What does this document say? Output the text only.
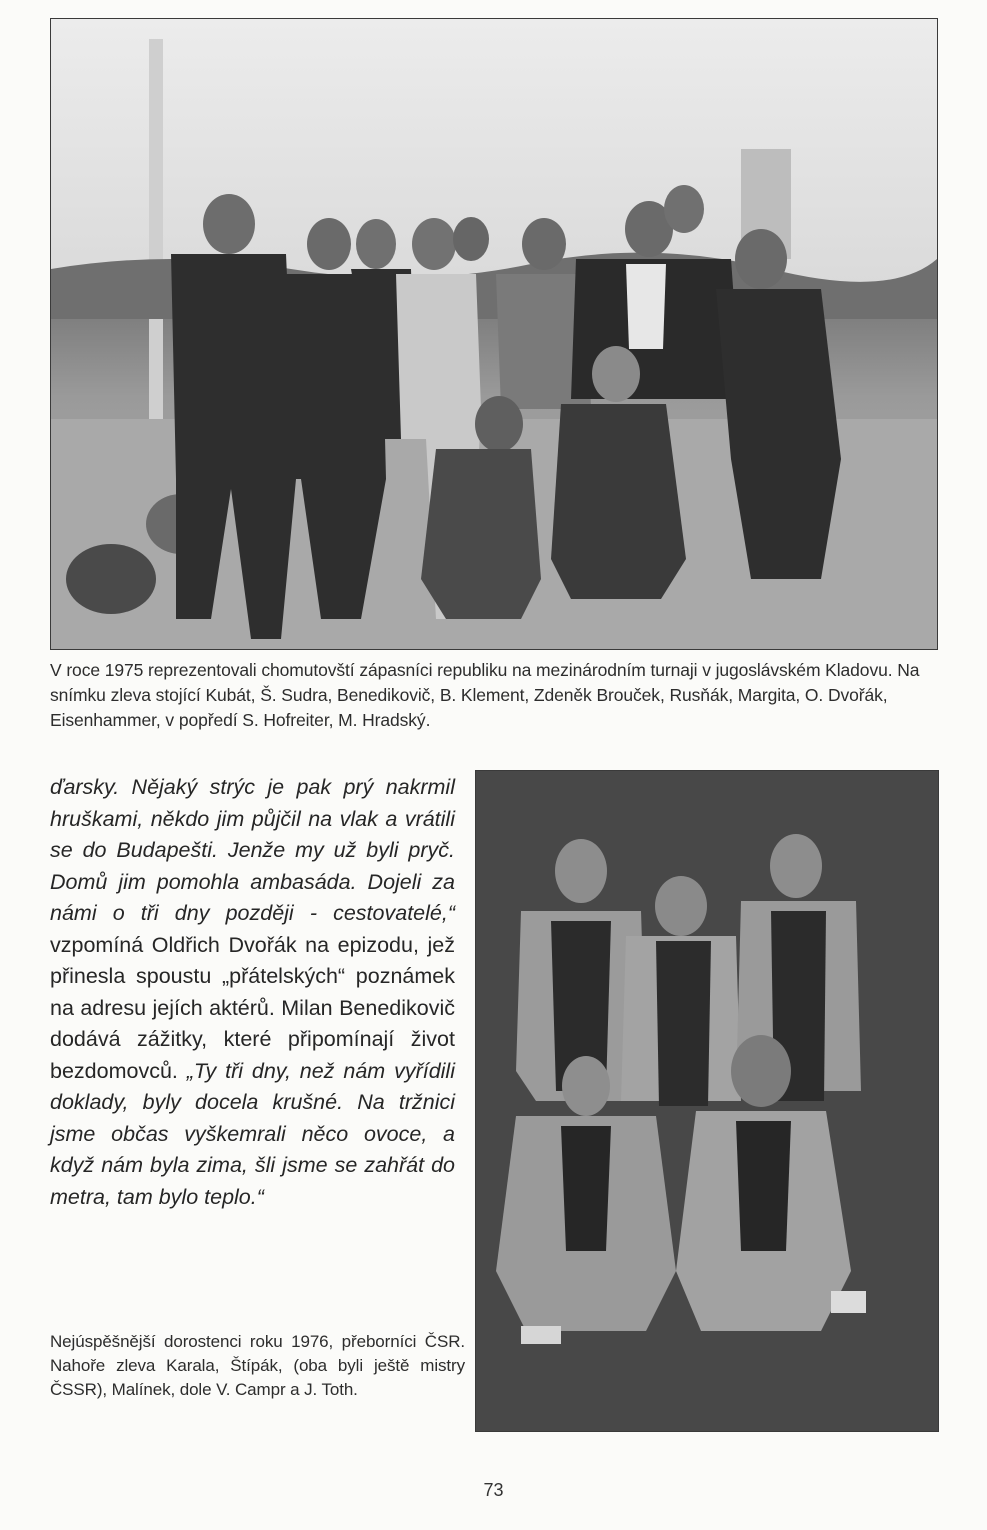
V roce 1975 reprezentovali chomutovští zápasníci republiku na mezinárodním turnaji v jugoslávském Kladovu. Na snímku zleva stojící Kubát, Š. Sudra, Benedikovič, B. Klement, Zdeněk Brouček, Rusňák, Margita, O. Dvořák, Eisenhammer, v popředí S. Hofreiter, M. Hradský.
ďarsky. Nějaký strýc je pak prý nakrmil hruškami, někdo jim půjčil na vlak a vrátili se do Budapešti. Jenže my už byli pryč. Domů jim pomohla ambasáda. Dojeli za námi o tři dny později - cestovatelé,“ vzpomíná Oldřich Dvořák na epizodu, jež přinesla spoustu „přátelských“ poznámek na adresu jejích aktérů. Milan Benedikovič dodává zážitky, které připomínají život bezdomovců. „Ty tři dny, než nám vyřídili doklady, byly docela krušné. Na tržnici jsme občas vyškemrali něco ovoce, a když nám byla zima, šli jsme se zahřát do metra, tam bylo teplo.“
Nejúspěšnější dorostenci roku 1976, přeborníci ČSR. Nahoře zleva Karala, Štípák, (oba byli ještě mistry ČSSR), Malínek, dole V. Campr a J. Toth.
73
